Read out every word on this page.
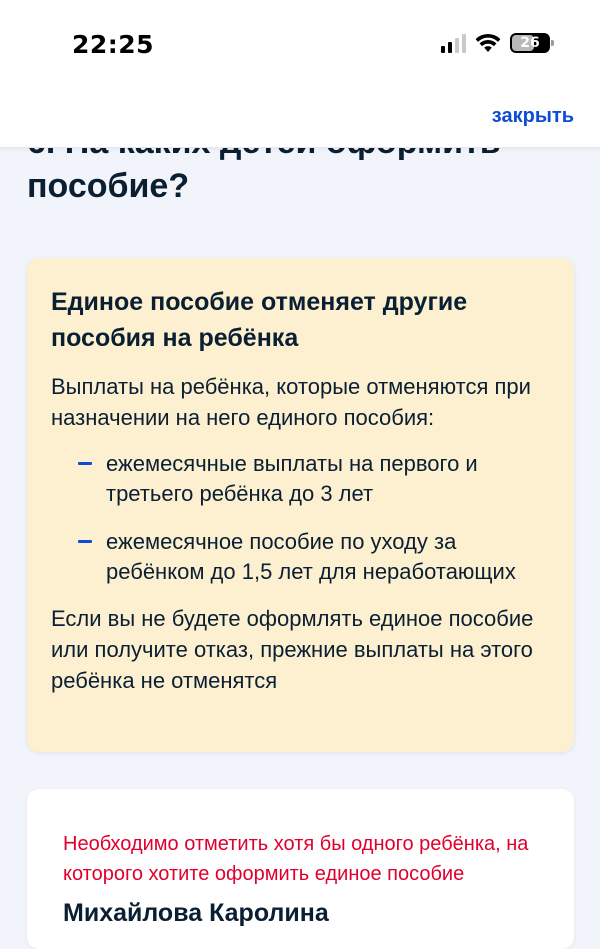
22:25	26
закрыть
пособие?
Единое пособие отменяет другие пособия на ребёнка
Выплаты на ребёнка, которые отменяются при назначении на него единого пособия:
ежемесячные выплаты на первого и третьего ребёнка до 3 лет
ежемесячное пособие по уходу за ребёнком до 1,5 лет для неработающих
Если вы не будете оформлять единое пособие или получите отказ, прежние выплаты на этого ребёнка не отменятся
Необходимо отметить хотя бы одного ребёнка, на которого хотите оформить единое пособие
Михайлова Каролина
